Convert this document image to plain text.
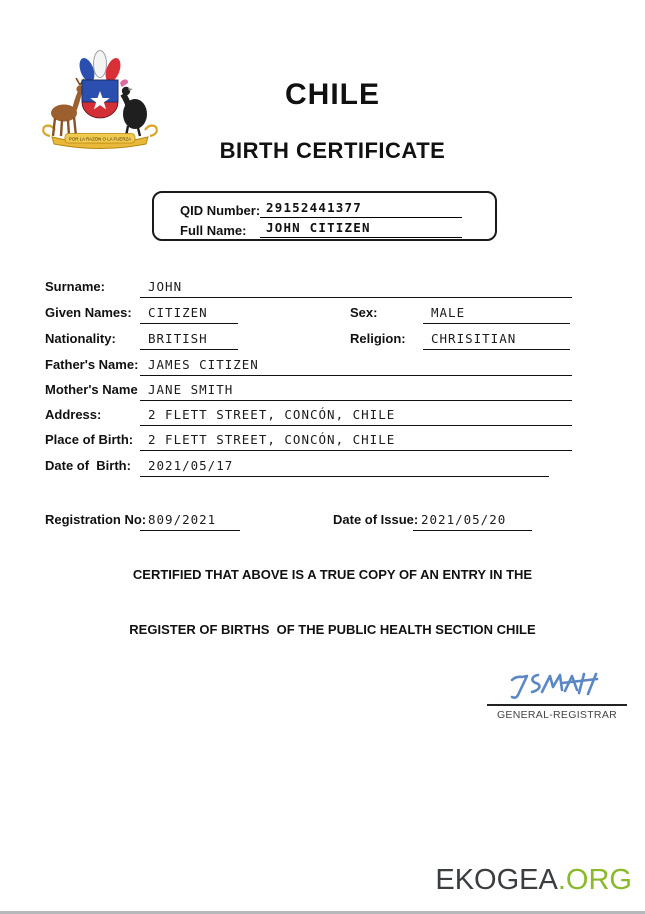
POR LA RAZON O LA FUERZA
CHILE
BIRTH CERTIFICATE
QID Number: 29152441377
Full Name:	JOHN CITIZEN
Surname:	JOHN
Given Names:	CITIZEN	Sex:	MALE
Nationality:	BRITISH	Religion:	CHRISITIAN
Father's Name: JAMES CITIZEN
Mother's Name JANE SMITH
Address:	2 FLETT STREET, CONCÓN, CHILE
Place of Birth:	2 FLETT STREET, CONCÓN, CHILE
Date of  Birth:	2021/05/17
Registration No: 809/2021	Date of Issue: 2021/05/20
CERTIFIED THAT ABOVE IS A TRUE COPY OF AN ENTRY IN THE
REGISTER OF BIRTHS  OF THE PUBLIC HEALTH SECTION CHILE
GENERAL-REGISTRAR
EKOGEA.ORG
